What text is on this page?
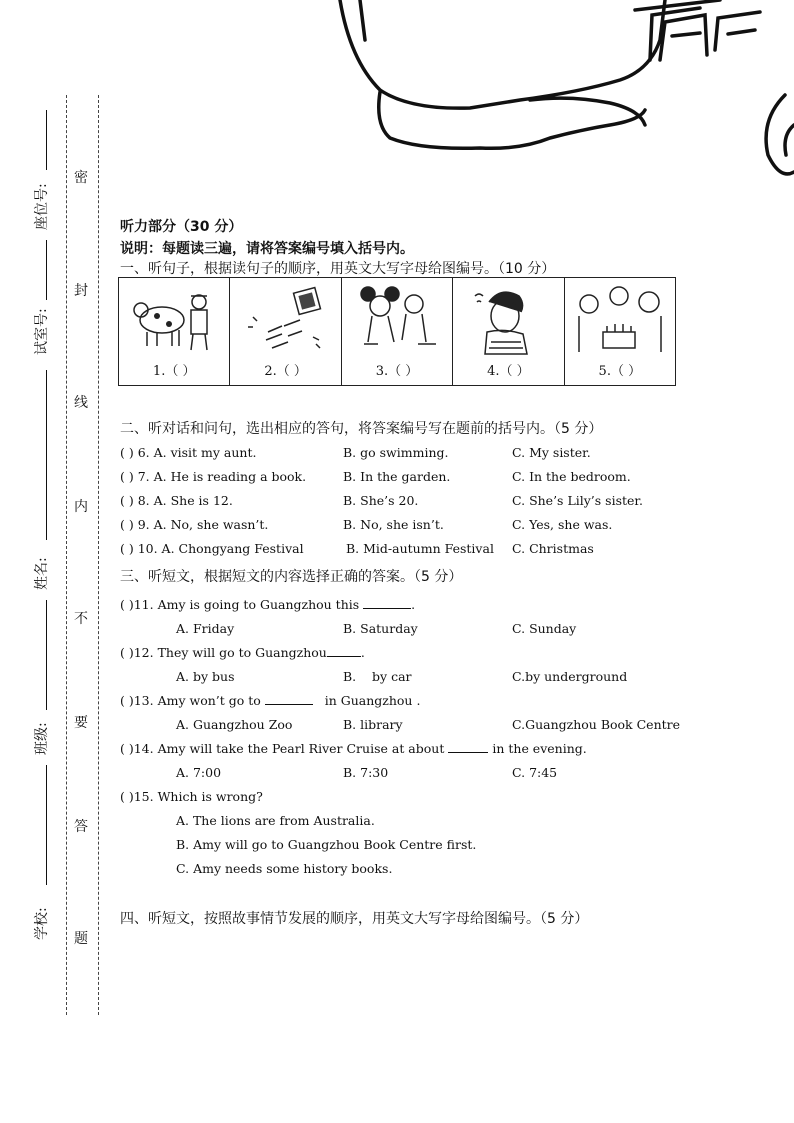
座位号:
试室号:
姓名:
班级:
学校:
密
封
线
内
不
要
答
题
听力部分（30 分）
说明：每题读三遍，请将答案编号填入括号内。
一、听句子，根据读句子的顺序，用英文大写字母给图编号。（10 分）
1.（ ）	2.（ ）	3.（ ）	4.（ ）	5.（ ）
二、听对话和问句，选出相应的答句，将答案编号写在题前的括号内。（5 分）
( ) 6. A. visit my aunt.	B. go swimming.	C. My sister.
( ) 7. A. He is reading a book.	B. In the garden.	C. In the bedroom.
( ) 8. A. She is 12.	B. She’s 20.	C. She’s Lily’s sister.
( ) 9. A. No, she wasn’t.	B. No, she isn’t.	C. Yes, she was.
( ) 10. A. Chongyang Festival	B. Mid-autumn Festival C. Christmas
三、听短文，根据短文的内容选择正确的答案。（5 分）
( )11. Amy is going to Guangzhou this	.
A. Friday	B. Saturday	C. Sunday
( )12. They will go to Guangzhou	.
A. by bus	B.    by car	C.by underground
( )13. Amy won’t go to	in Guangzhou .
A. Guangzhou Zoo	B. library	C.Guangzhou Book Centre
( )14. Amy will take the Pearl River Cruise at about	in the evening.
A. 7:00	B. 7:30	C. 7:45
( )15. Which is wrong?
A. The lions are from Australia.
B. Amy will go to Guangzhou Book Centre first.
C. Amy needs some history books.
四、听短文，按照故事情节发展的顺序，用英文大写字母给图编号。（5 分）
